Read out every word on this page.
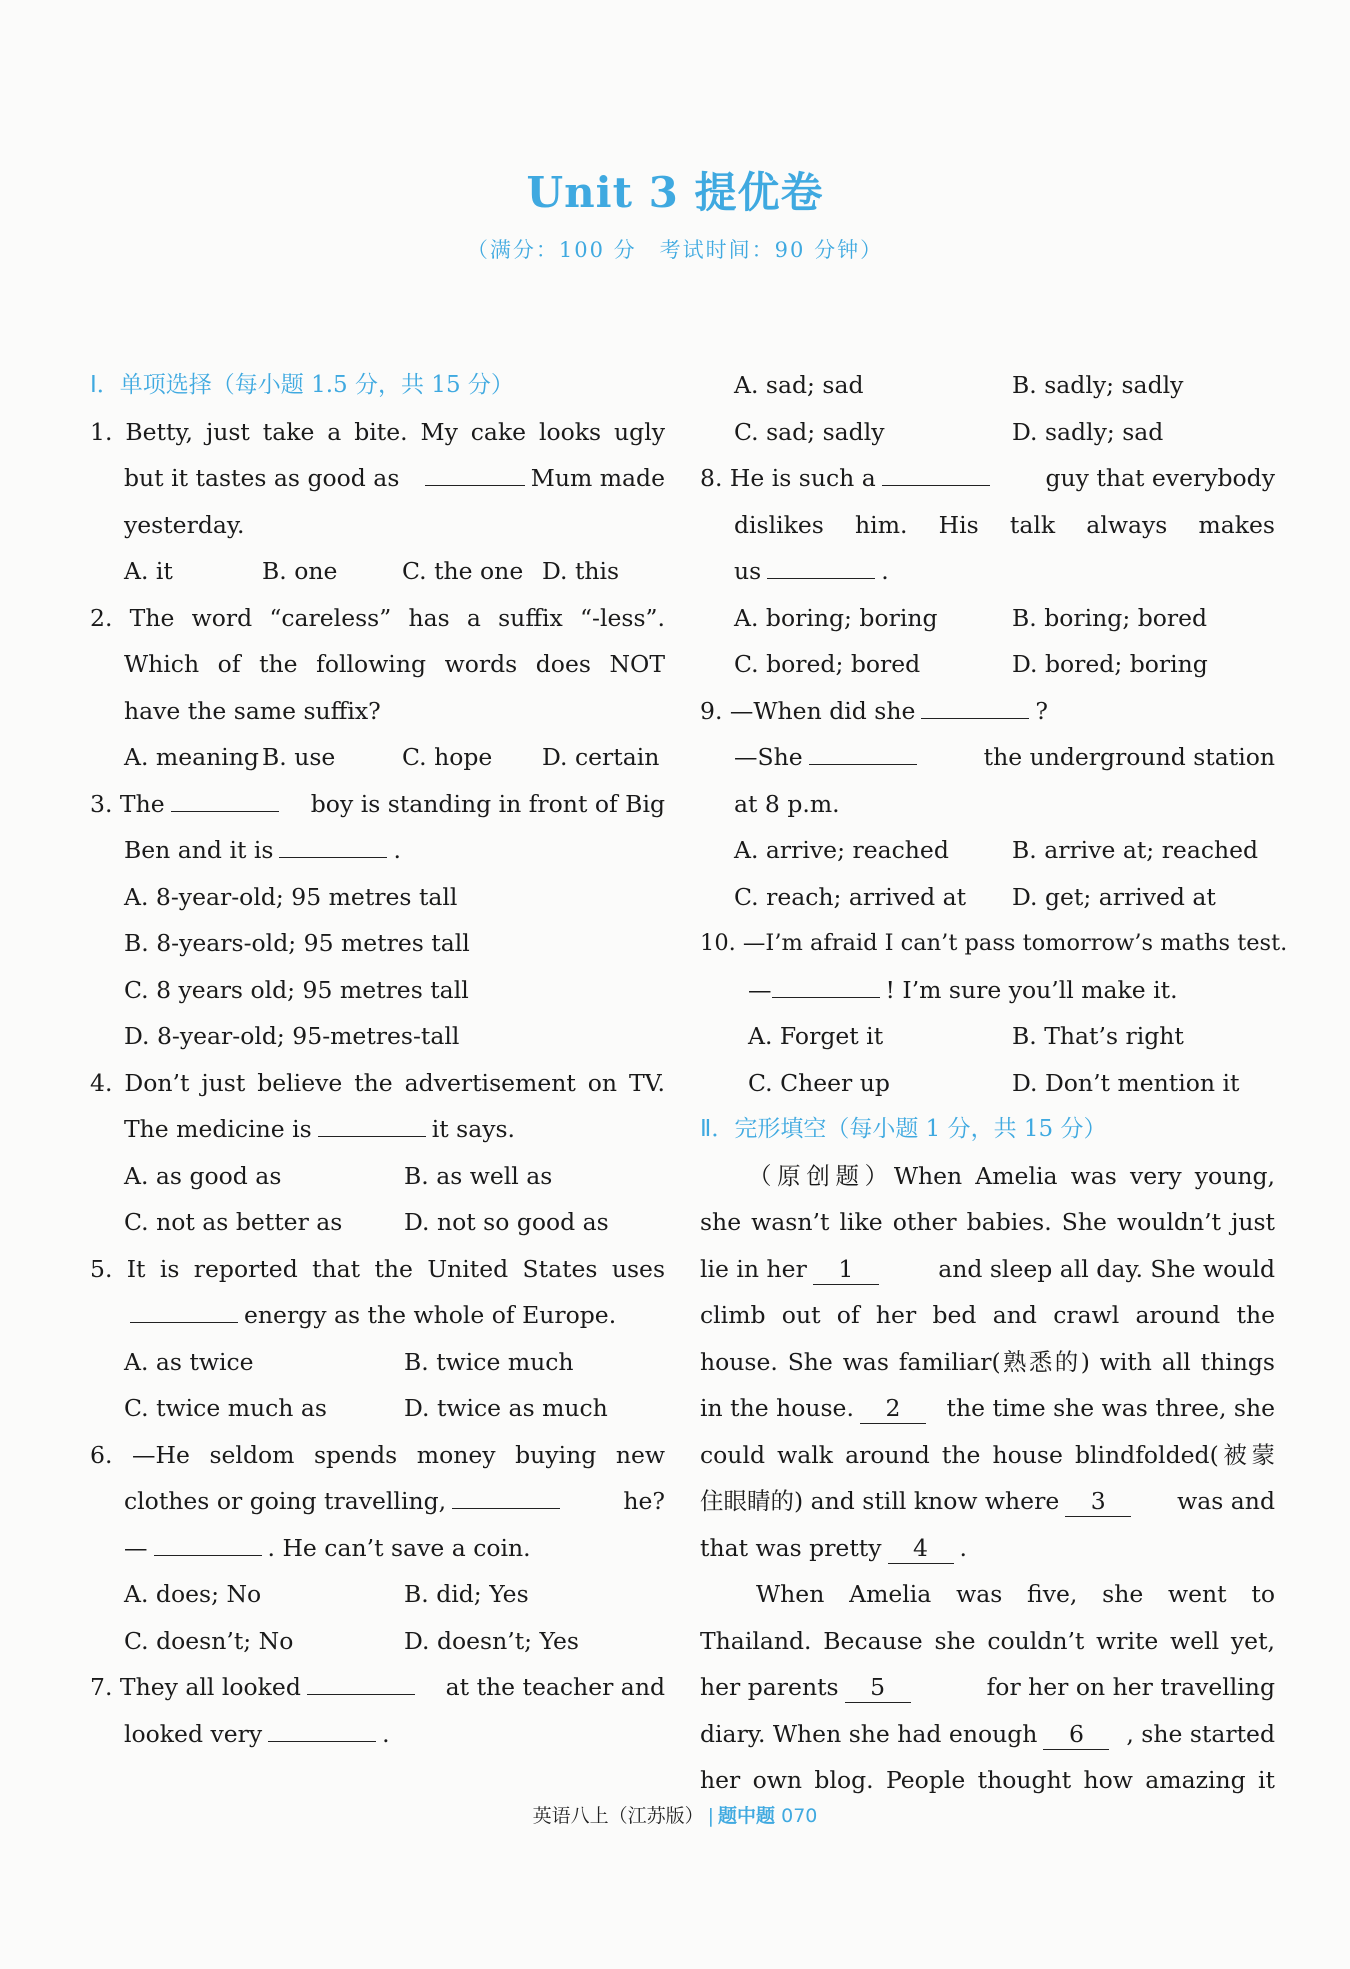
Unit 3 提优卷
（满分：100 分　考试时间：90 分钟）
Ⅰ．单项选择（每小题 1.5 分，共 15 分）
1. Betty, just take a bite. My cake looks ugly
but it tastes as good as	Mum made
yesterday.
A. it	B. one	C. the one D. this
2. The word “careless” has a suffix “-less”.
Which of the following words does NOT
have the same suffix?
A. meaning B. use	C. hope	D. certain
3. The	boy is standing in front of Big
Ben and it is	.
A. 8-year-old; 95 metres tall
B. 8-years-old; 95 metres tall
C. 8 years old; 95 metres tall
D. 8-year-old; 95-metres-tall
4. Don’t just believe the advertisement on TV.
The medicine is	it says.
A. as good as	B. as well as
C. not as better as	D. not so good as
5. It is reported that the United States uses
energy as the whole of Europe.
A. as twice	B. twice much
C. twice much as	D. twice as much
6. —He seldom spends money buying new
clothes or going travelling,	he?
—	. He can’t save a coin.
A. does; No	B. did; Yes
C. doesn’t; No	D. doesn’t; Yes
7. They all looked	at the teacher and
looked very	.
A. sad; sad	B. sadly; sadly
C. sad; sadly	D. sadly; sad
8. He is such a	guy that everybody
dislikes him. His talk always makes
us	.
A. boring; boring	B. boring; bored
C. bored; bored	D. bored; boring
9. —When did she	?
—She	the underground station
at 8 p.m.
A. arrive; reached	B. arrive at; reached
C. reach; arrived at	D. get; arrived at
10. —I’m afraid I can’t pass tomorrow’s maths test.
—	! I’m sure you’ll make it.
A. Forget it	B. That’s right
C. Cheer up	D. Don’t mention it
Ⅱ．完形填空（每小题 1 分，共 15 分）
（原创题）When Amelia was very young,
she wasn’t like other babies. She wouldn’t just
lie in her 1	and sleep all day. She would
climb out of her bed and crawl around the
house. She was familiar(熟悉的) with all things
in the house. 2	the time she was three, she
could walk around the house blindfolded(被蒙
住眼睛的) and still know where 3	was and
that was pretty 4 .
When Amelia was five, she went to
Thailand. Because she couldn’t write well yet,
her parents 5	for her on her travelling
diary. When she had enough 6	, she started
her own blog. People thought how amazing it
英语八上（江苏版） | 题中题 070
